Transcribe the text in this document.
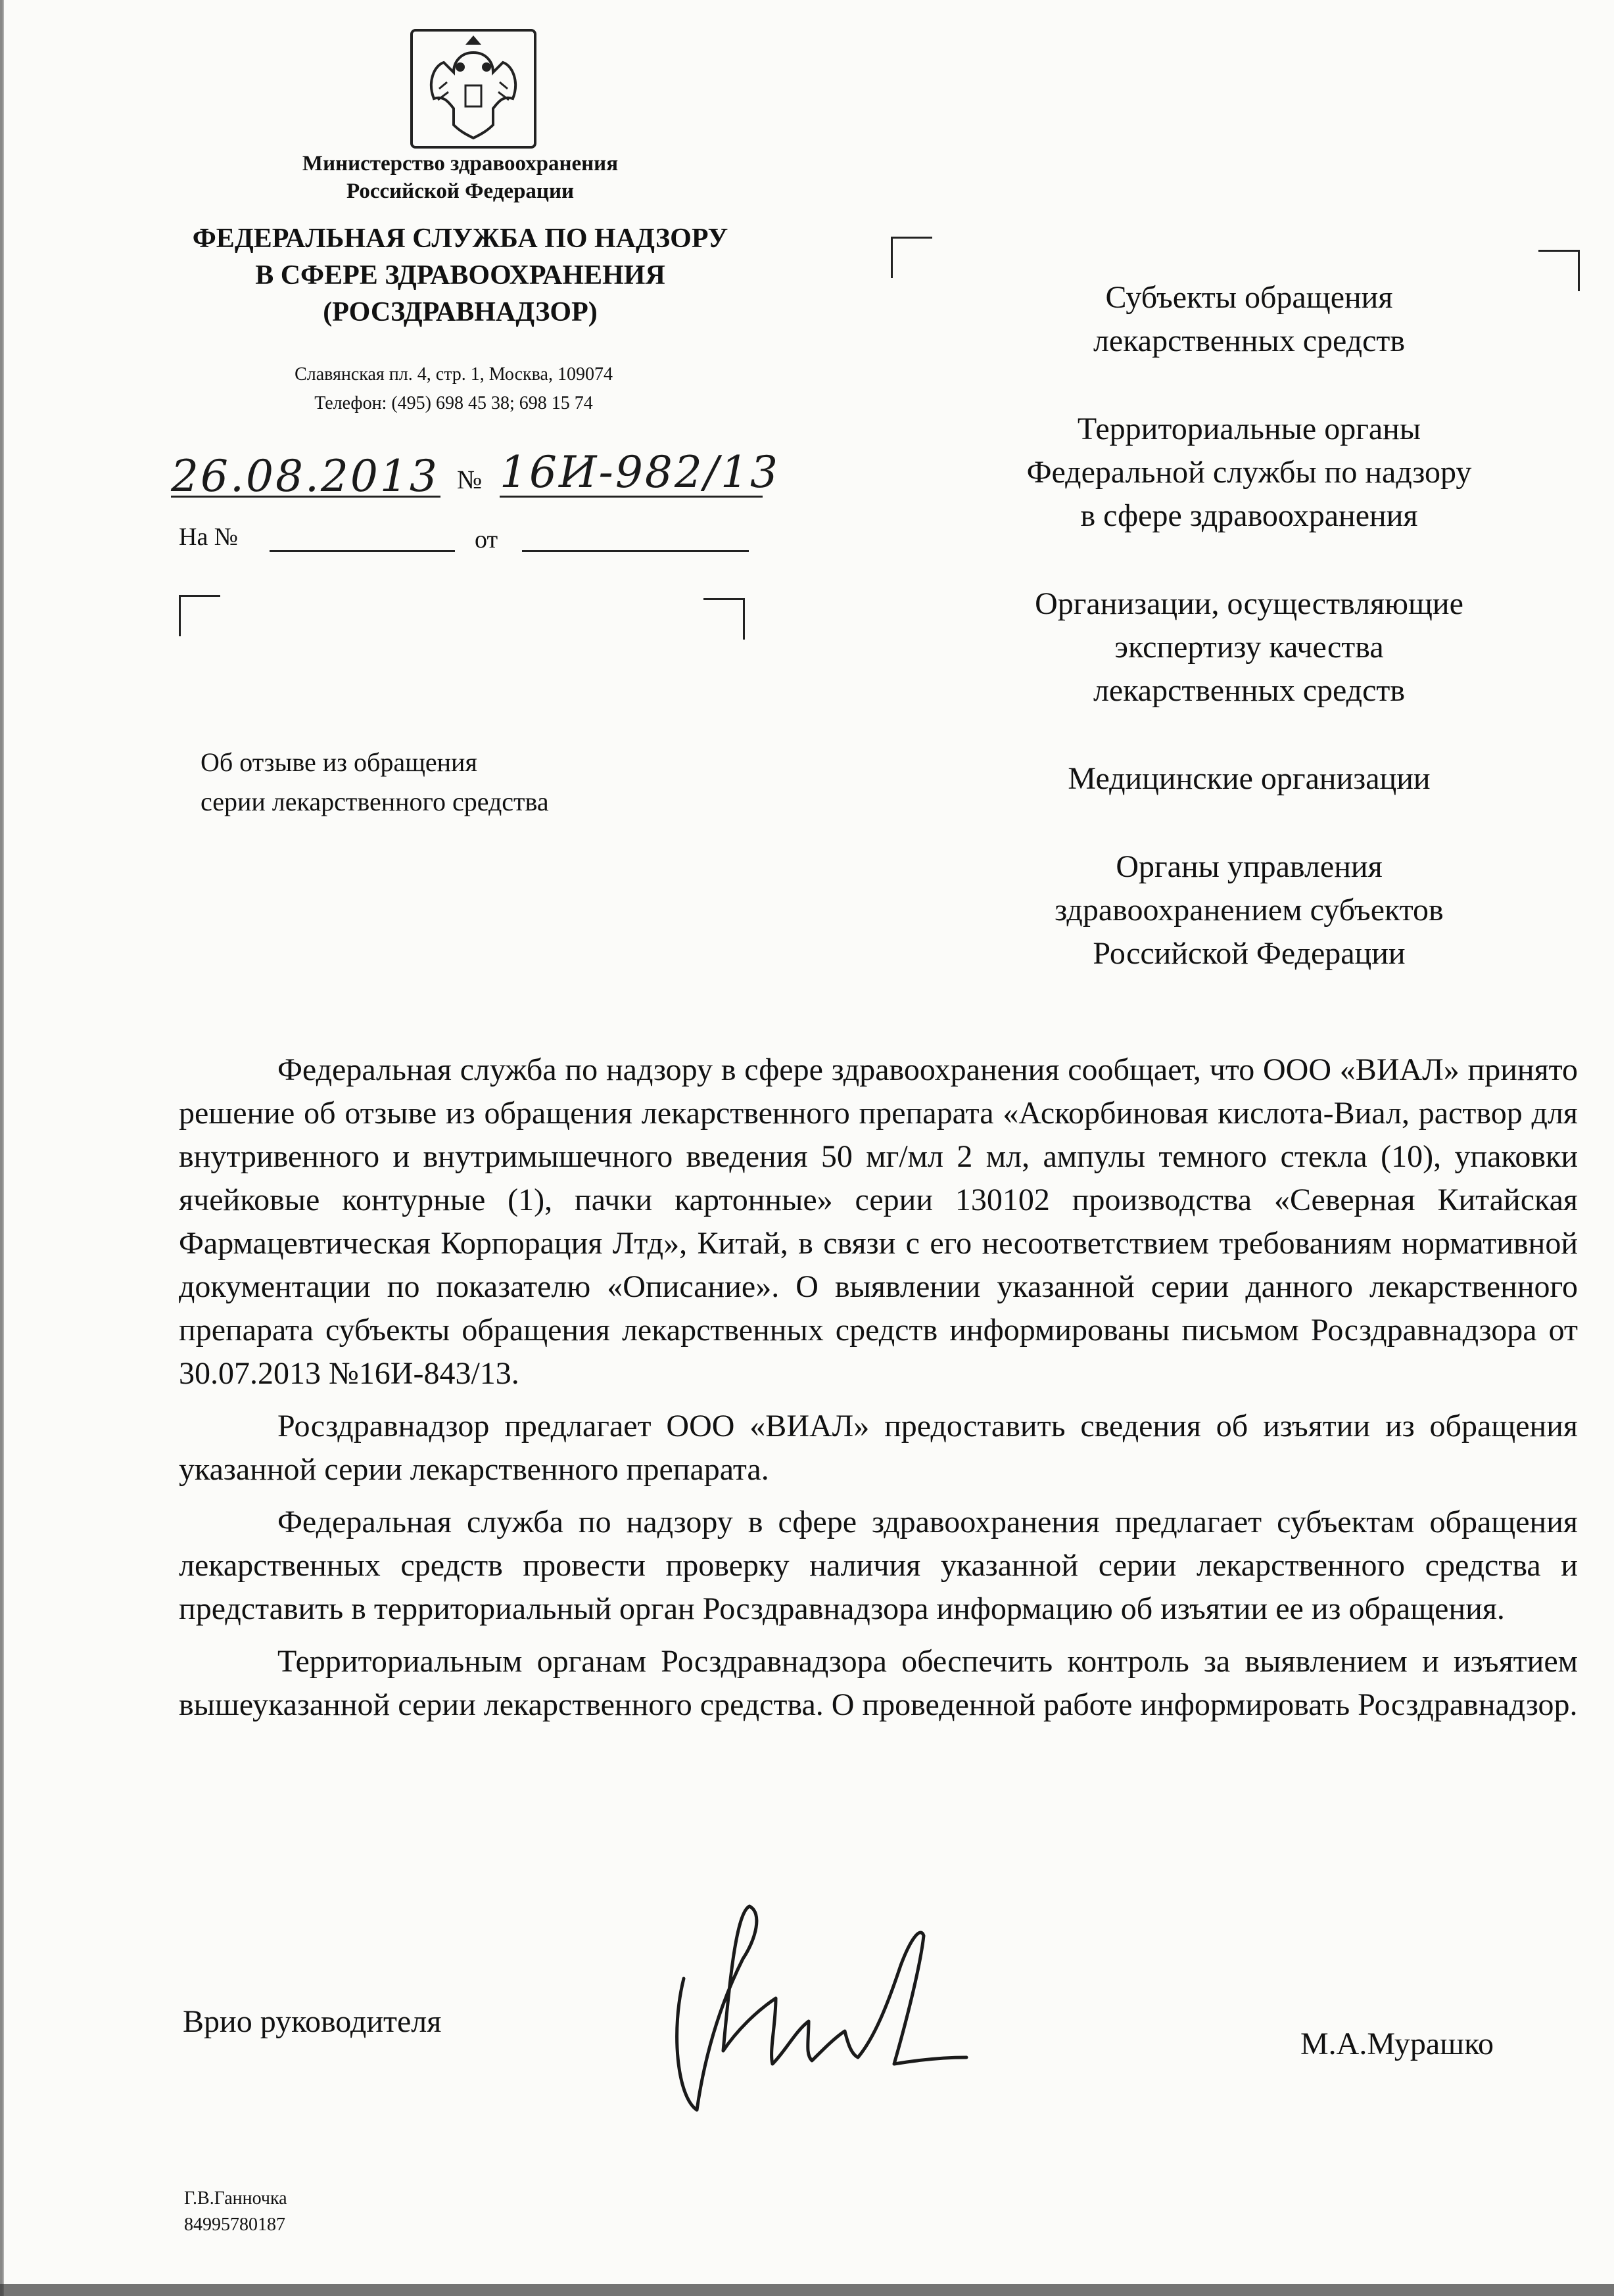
Министерство здравоохранения
Российской Федерации
ФЕДЕРАЛЬНАЯ СЛУЖБА ПО НАДЗОРУ
В СФЕРЕ ЗДРАВООХРАНЕНИЯ
(РОСЗДРАВНАДЗОР)
Славянская пл. 4, стр. 1, Москва, 109074
Телефон: (495) 698 45 38; 698 15 74
26.08.2013 № 16И-982/13
На №	от
Об отзыве из обращения
серии лекарственного средства
Субъекты обращения
лекарственных средств
Территориальные органы
Федеральной службы по надзору
в сфере здравоохранения
Организации, осуществляющие
экспертизу качества
лекарственных средств
Медицинские организации
Органы управления
здравоохранением субъектов
Российской Федерации

Федеральная служба по надзору в сфере здравоохранения сообщает, что ООО «ВИАЛ» принято решение об отзыве из обращения лекарственного препарата «Аскорбиновая кислота-Виал, раствор для внутривенного и внутримышечного введения 50 мг/мл 2 мл, ампулы темного стекла (10), упаковки ячейковые контурные (1), пачки картонные» серии 130102 производства «Северная Китайская Фармацевтическая Корпорация Лтд», Китай, в связи с его несоответствием требованиям нормативной документации по показателю «Описание». О выявлении указанной серии данного лекарственного препарата субъекты обращения лекарственных средств информированы письмом Росздравнадзора от 30.07.2013 №16И-843/13.

Росздравнадзор предлагает ООО «ВИАЛ» предоставить сведения об изъятии из обращения указанной серии лекарственного препарата.

Федеральная служба по надзору в сфере здравоохранения предлагает субъектам обращения лекарственных средств провести проверку наличия указанной серии лекарственного средства и представить в территориальный орган Росздравнадзора информацию об изъятии ее из обращения.

Территориальным органам Росздравнадзора обеспечить контроль за выявлением и изъятием вышеуказанной серии лекарственного средства. О проведенной работе информировать Росздравнадзор.

Врио руководителя
М.А.Мурашко
Г.В.Ганночка
84995780187
